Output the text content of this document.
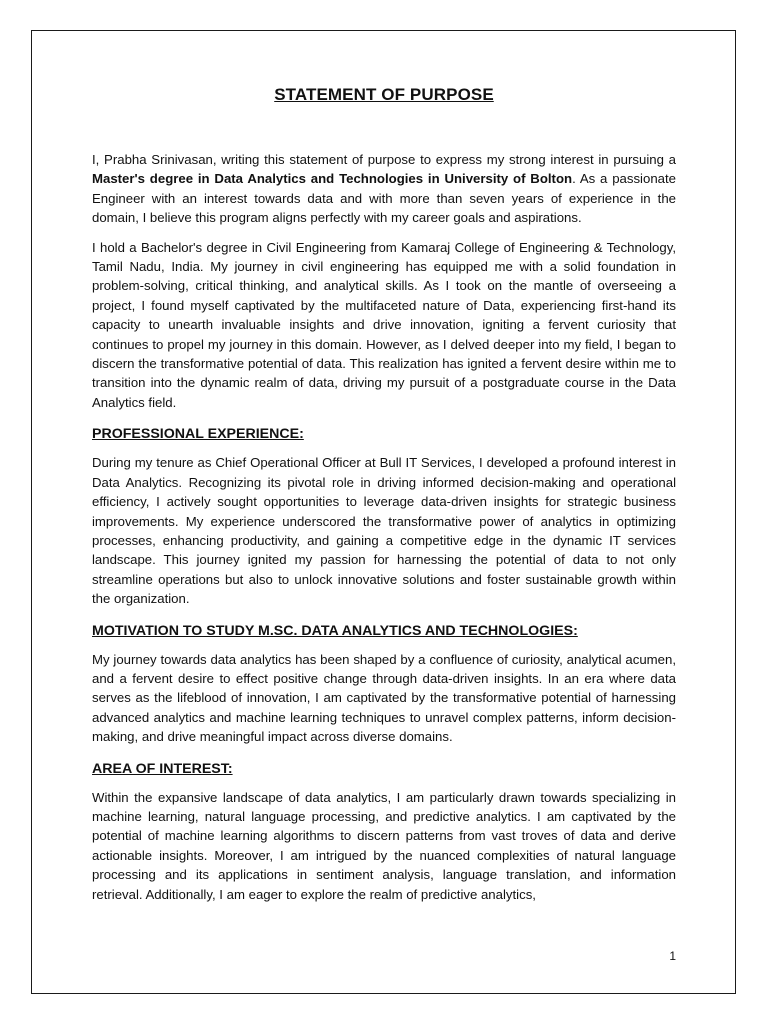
STATEMENT OF PURPOSE

I, Prabha Srinivasan, writing this statement of purpose to express my strong interest in pursuing a Master's degree in Data Analytics and Technologies in University of Bolton. As a passionate Engineer with an interest towards data and with more than seven years of experience in the domain, I believe this program aligns perfectly with my career goals and aspirations.

I hold a Bachelor's degree in Civil Engineering from Kamaraj College of Engineering & Technology, Tamil Nadu, India. My journey in civil engineering has equipped me with a solid foundation in problem-solving, critical thinking, and analytical skills. As I took on the mantle of overseeing a project, I found myself captivated by the multifaceted nature of Data, experiencing first-hand its capacity to unearth invaluable insights and drive innovation, igniting a fervent curiosity that continues to propel my journey in this domain. However, as I delved deeper into my field, I began to discern the transformative potential of data. This realization has ignited a fervent desire within me to transition into the dynamic realm of data, driving my pursuit of a postgraduate course in the Data Analytics field.

PROFESSIONAL EXPERIENCE:

During my tenure as Chief Operational Officer at Bull IT Services, I developed a profound interest in Data Analytics. Recognizing its pivotal role in driving informed decision-making and operational efficiency, I actively sought opportunities to leverage data-driven insights for strategic business improvements. My experience underscored the transformative power of analytics in optimizing processes, enhancing productivity, and gaining a competitive edge in the dynamic IT services landscape. This journey ignited my passion for harnessing the potential of data to not only streamline operations but also to unlock innovative solutions and foster sustainable growth within the organization.

MOTIVATION TO STUDY M.SC. DATA ANALYTICS AND TECHNOLOGIES:

My journey towards data analytics has been shaped by a confluence of curiosity, analytical acumen, and a fervent desire to effect positive change through data-driven insights. In an era where data serves as the lifeblood of innovation, I am captivated by the transformative potential of harnessing advanced analytics and machine learning techniques to unravel complex patterns, inform decision-making, and drive meaningful impact across diverse domains.

AREA OF INTEREST:

Within the expansive landscape of data analytics, I am particularly drawn towards specializing in machine learning, natural language processing, and predictive analytics. I am captivated by the potential of machine learning algorithms to discern patterns from vast troves of data and derive actionable insights. Moreover, I am intrigued by the nuanced complexities of natural language processing and its applications in sentiment analysis, language translation, and information retrieval. Additionally, I am eager to explore the realm of predictive analytics,

1
